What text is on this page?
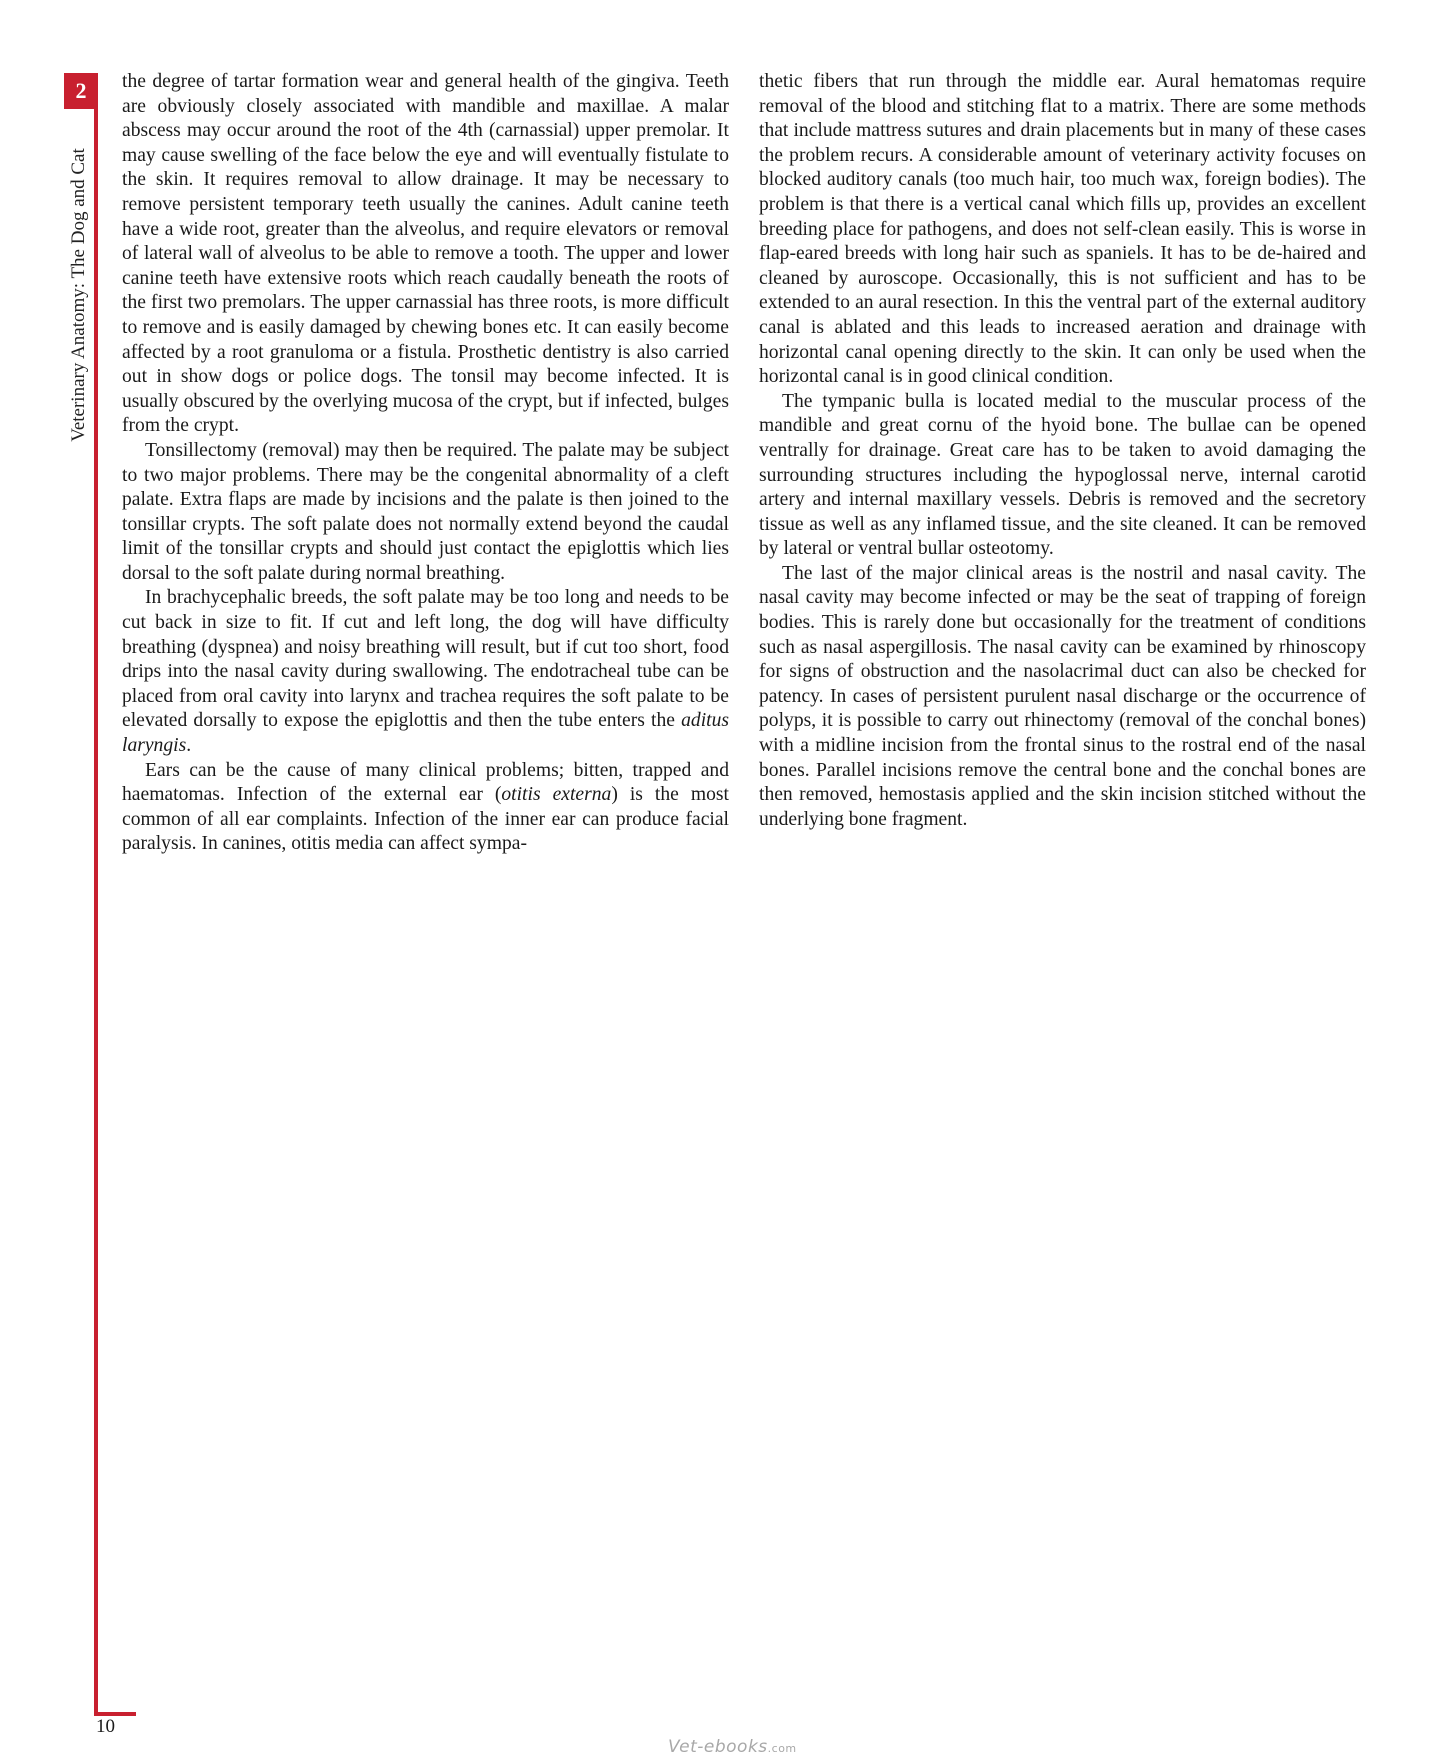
2
Veterinary Anatomy: The Dog and Cat

the degree of tartar formation wear and general health of the gingiva. Teeth are obviously closely associated with mandible and maxillae. A malar abscess may occur around the root of the 4th (carnassial) upper premolar. It may cause swelling of the face below the eye and will eventually fistulate to the skin. It requires removal to allow drainage. It may be necessary to remove persistent temporary teeth usually the canines. Adult canine teeth have a wide root, greater than the alveolus, and require elevators or removal of lateral wall of alveolus to be able to remove a tooth. The upper and lower canine teeth have extensive roots which reach caudally beneath the roots of the first two premolars. The upper carnassial has three roots, is more difficult to remove and is easily damaged by chewing bones etc. It can easily become affected by a root granuloma or a fistula. Prosthetic dentistry is also carried out in show dogs or police dogs. The tonsil may become infected. It is usually obscured by the overlying mucosa of the crypt, but if infected, bulges from the crypt.

Tonsillectomy (removal) may then be required. The palate may be subject to two major problems. There may be the congenital abnormality of a cleft palate. Extra flaps are made by incisions and the palate is then joined to the tonsillar crypts. The soft palate does not normally extend beyond the caudal limit of the tonsillar crypts and should just contact the epiglottis which lies dorsal to the soft palate during normal breathing.

In brachycephalic breeds, the soft palate may be too long and needs to be cut back in size to fit. If cut and left long, the dog will have difficulty breathing (dyspnea) and noisy breathing will result, but if cut too short, food drips into the nasal cavity during swallowing. The endotracheal tube can be placed from oral cavity into larynx and trachea requires the soft palate to be elevated dorsally to expose the epiglottis and then the tube enters the aditus laryngis.

Ears can be the cause of many clinical problems; bitten, trapped and haematomas. Infection of the external ear (otitis externa) is the most common of all ear complaints. Infection of the inner ear can produce facial paralysis. In canines, otitis media can affect sympa-

thetic fibers that run through the middle ear. Aural hematomas require removal of the blood and stitching flat to a matrix. There are some methods that include mattress sutures and drain placements but in many of these cases the problem recurs. A considerable amount of veterinary activity focuses on blocked auditory canals (too much hair, too much wax, foreign bodies). The problem is that there is a vertical canal which fills up, provides an excellent breeding place for pathogens, and does not self-clean easily. This is worse in flap-eared breeds with long hair such as spaniels. It has to be de-haired and cleaned by auroscope. Occasionally, this is not sufficient and has to be extended to an aural resection. In this the ventral part of the external auditory canal is ablated and this leads to increased aeration and drainage with horizontal canal opening directly to the skin. It can only be used when the horizontal canal is in good clinical condition.

The tympanic bulla is located medial to the muscular process of the mandible and great cornu of the hyoid bone. The bullae can be opened ventrally for drainage. Great care has to be taken to avoid damaging the surrounding structures including the hypoglossal nerve, internal carotid artery and internal maxillary vessels. Debris is removed and the secretory tissue as well as any inflamed tissue, and the site cleaned. It can be removed by lateral or ventral bullar osteotomy.

The last of the major clinical areas is the nostril and nasal cavity. The nasal cavity may become infected or may be the seat of trapping of foreign bodies. This is rarely done but occasionally for the treatment of conditions such as nasal aspergillosis. The nasal cavity can be examined by rhinoscopy for signs of obstruction and the nasolacrimal duct can also be checked for patency. In cases of persistent purulent nasal discharge or the occurrence of polyps, it is possible to carry out rhinectomy (removal of the conchal bones) with a midline incision from the frontal sinus to the rostral end of the nasal bones. Parallel incisions remove the central bone and the conchal bones are then removed, hemostasis applied and the skin incision stitched without the underlying bone fragment.

10
Vet-ebooks.com
